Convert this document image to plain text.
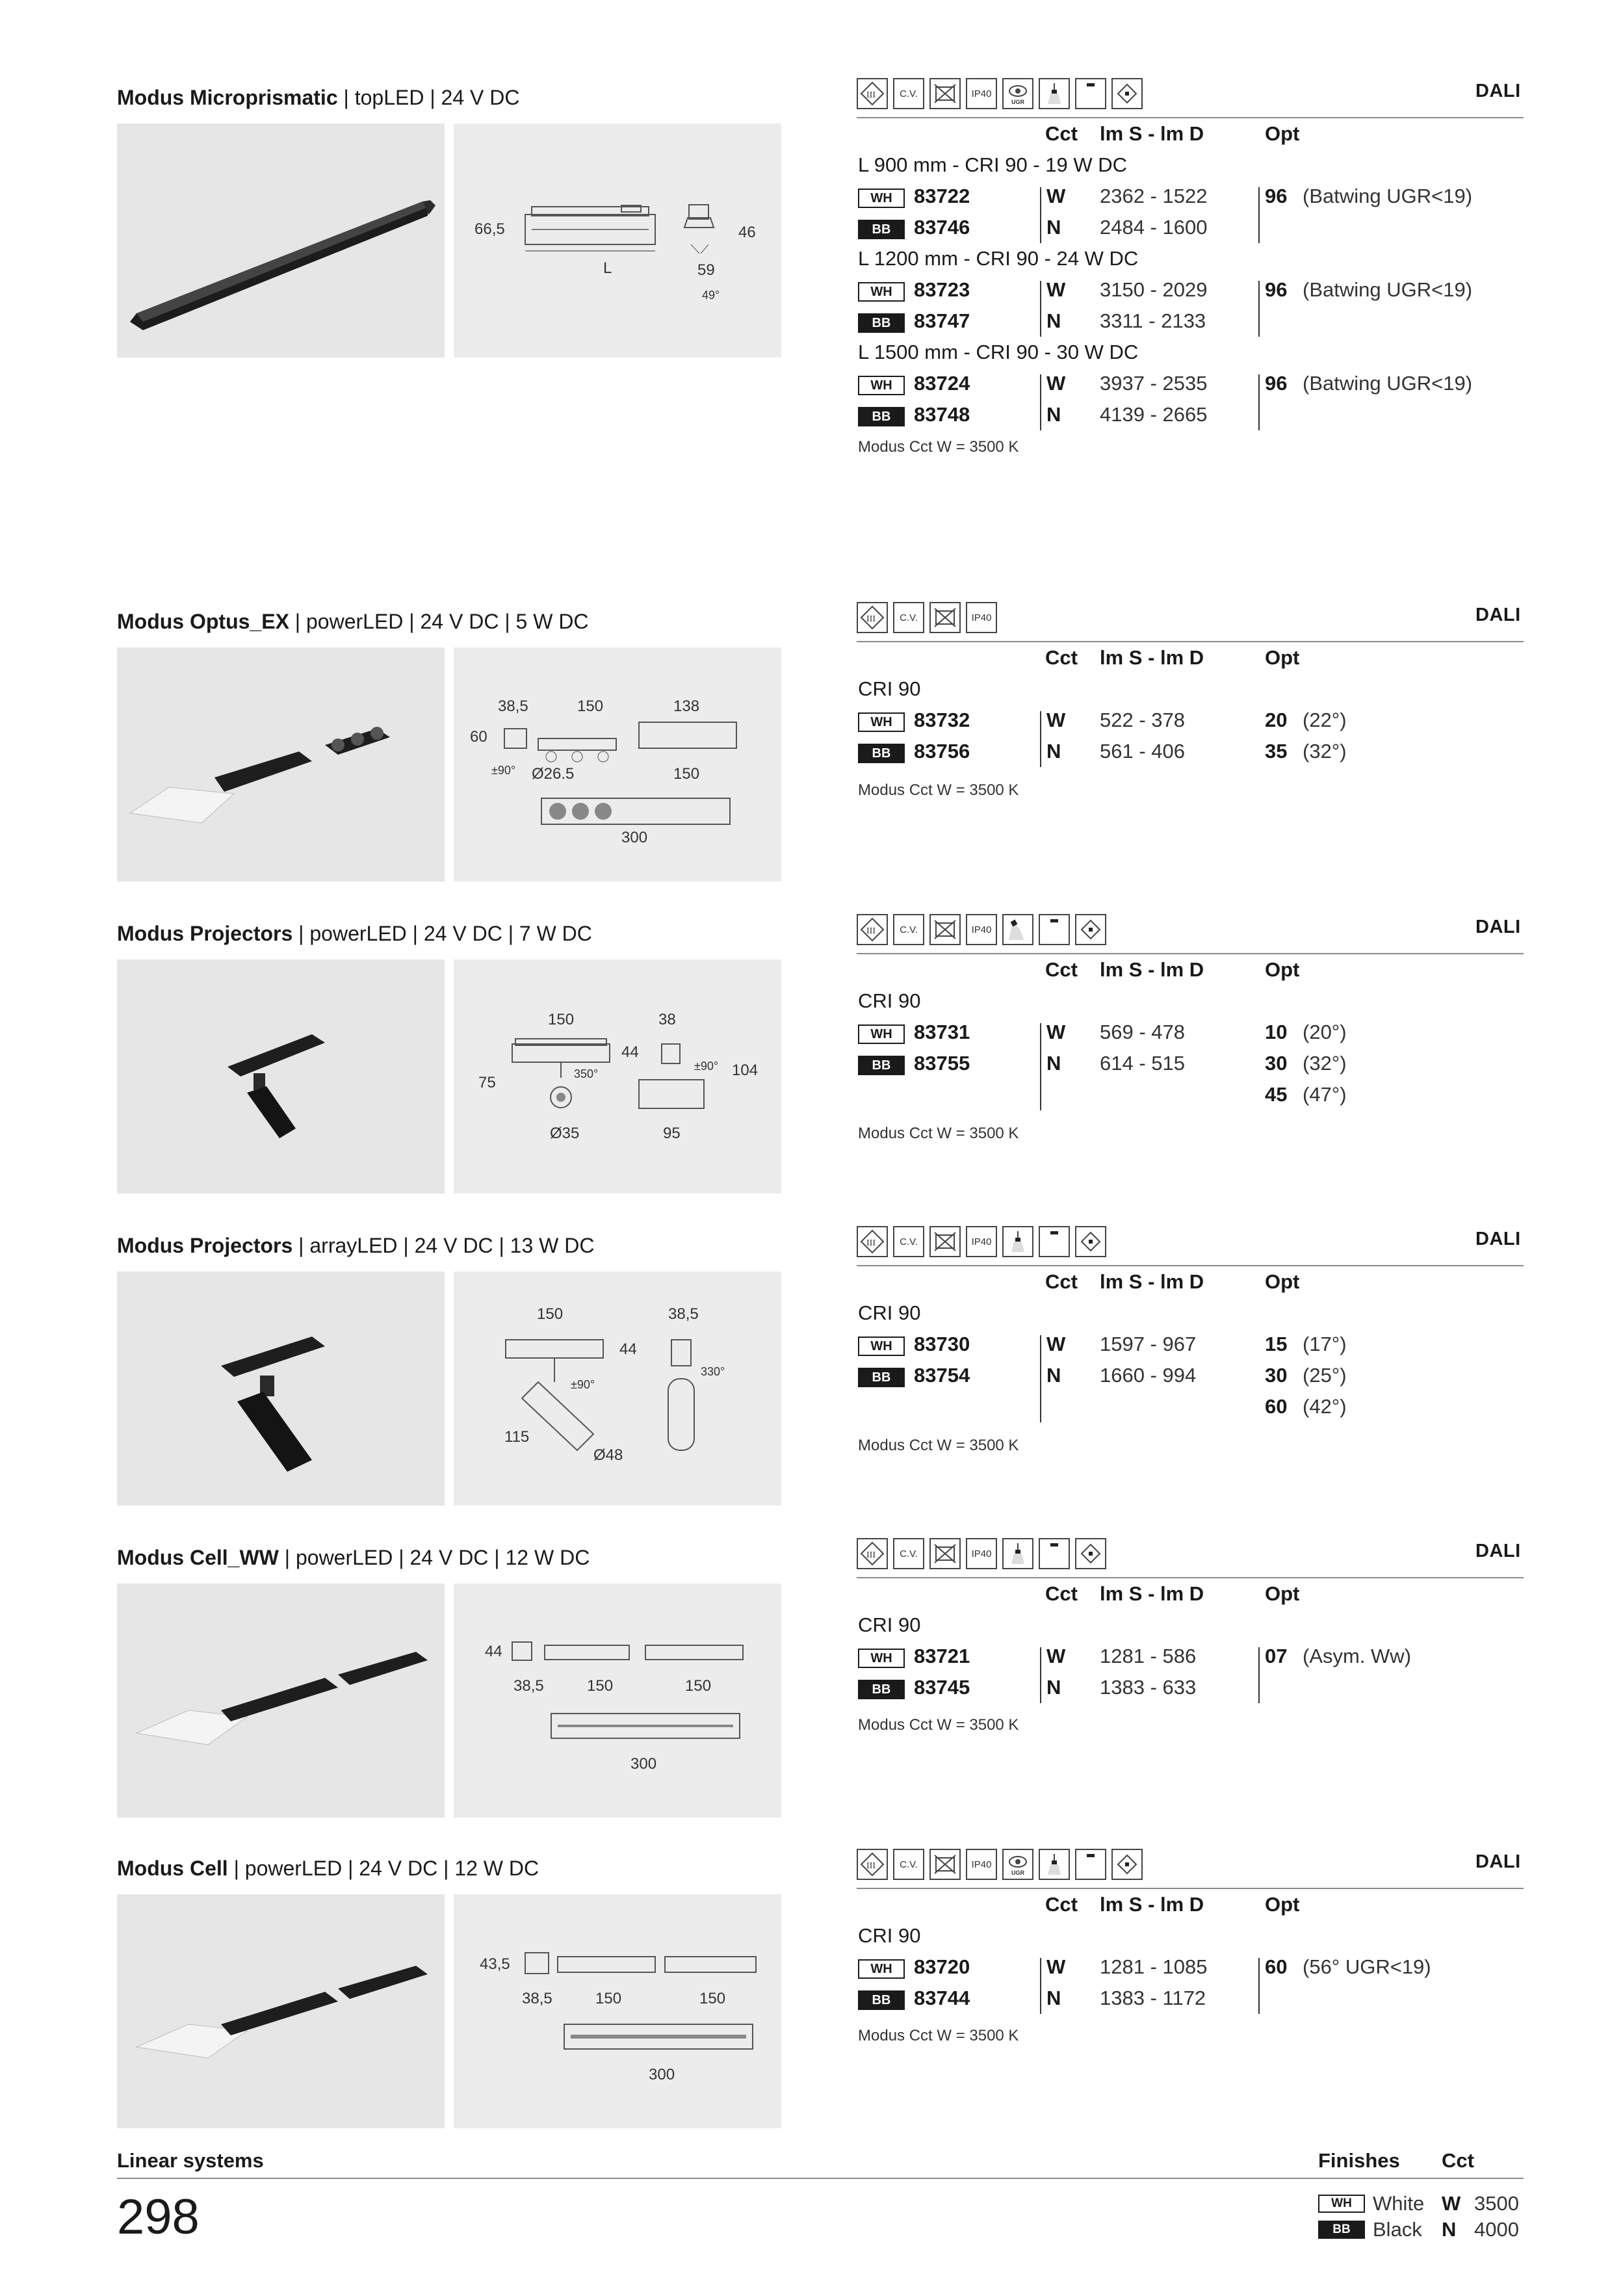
Modus Microprismatic | topLED | 24 V DC
66,5	46
L	59
49°
III C.V.	IP40
UGR
DALI
Cct lm S - lm D	Opt
L 900 mm - CRI 90 - 19 W DC
WH	83722	W 2362 - 1522	96 (Batwing UGR<19)
BB	83746	N 2484 - 1600
L 1200 mm - CRI 90 - 24 W DC
WH	83723	W 3150 - 2029	96 (Batwing UGR<19)
BB	83747	N 3311 - 2133
L 1500 mm - CRI 90 - 30 W DC
WH	83724	W 3937 - 2535	96 (Batwing UGR<19)
BB	83748	N 4139 - 2665
Modus Cct W = 3500 K
Modus Optus_EX | powerLED | 24 V DC | 5 W DC
38,5	150	138
60
±90° Ø26.5	150
300
III C.V.	IP40	DALI
Cct lm S - lm D	Opt
CRI 90
WH	83732	W 522 - 378	20 (22°)
BB	83756	N 561 - 406	35 (32°)
Modus Cct W = 3500 K
Modus Projectors | powerLED | 24 V DC | 7 W DC
150	38
44
±90° 104
75	350°
Ø35	95
III C.V.	IP40	DALI
Cct lm S - lm D	Opt
CRI 90
WH	83731	W 569 - 478	10 (20°)
BB	83755	N 614 - 515	30 (32°)
45 (47°)
Modus Cct W = 3500 K
Modus Projectors | arrayLED | 24 V DC | 13 W DC
150	38,5
44
330°
±90°
115
Ø48
III C.V.	IP40	DALI
Cct lm S - lm D	Opt
CRI 90
WH	83730	W 1597 - 967	15 (17°)
BB	83754	N 1660 - 994	30 (25°)
60 (42°)
Modus Cct W = 3500 K
Modus Cell_WW | powerLED | 24 V DC | 12 W DC
44
38,5	150	150
300
III C.V.	IP40	DALI
Cct lm S - lm D	Opt
CRI 90
WH	83721	W 1281 - 586	07 (Asym. Ww)
BB	83745	N 1383 - 633
Modus Cct W = 3500 K
Modus Cell | powerLED | 24 V DC | 12 W DC
43,5
38,5	150	150
300
III C.V.	IP40
UGR
DALI
Cct lm S - lm D	Opt
CRI 90
WH	83720	W 1281 - 1085	60 (56° UGR<19)
BB	83744	N 1383 - 1172
Modus Cct W = 3500 K
Linear systems
298
Finishes Cct
WH	White W 3500
BB	Black N 4000
